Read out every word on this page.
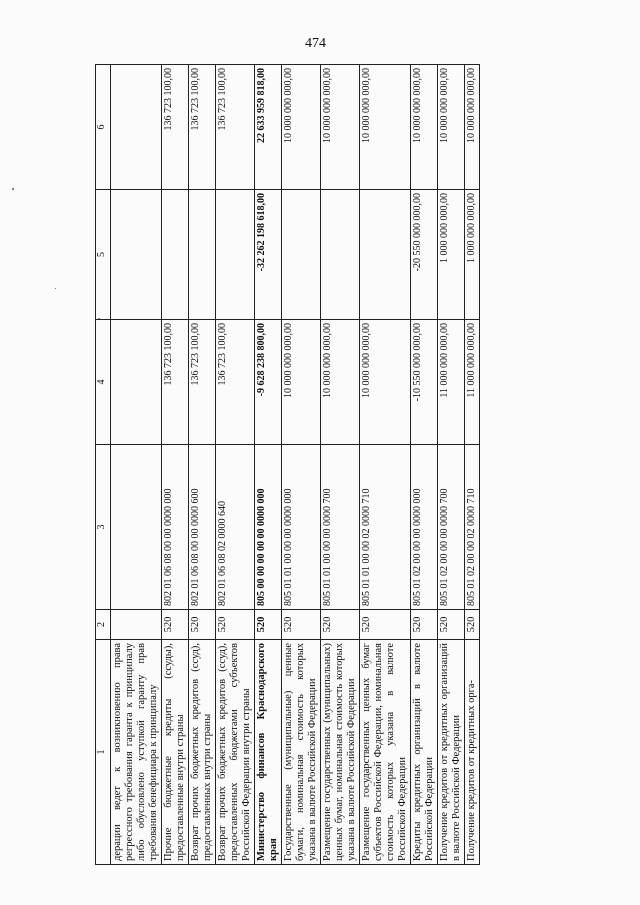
474
1	2	3	4	5	6
дерации ведет к возникновению права регрессного требования гаранта к принципалу либо обусловлено уступкой гаранту прав требования бенефициара к принципалу					
Прочие бюджетные кредиты (ссуды), предоставленные внутри страны	520	802 01 06 08 00 00 0000 000	136 723 100,00		136 723 100,00
Возврат прочих бюджетных кредитов (ссуд), предоставленных внутри страны	520	802 01 06 08 00 00 0000 600	136 723 100,00		136 723 100,00
Возврат прочих бюджетных кредитов (ссуд), предоставленных бюджетами субъектов Российской Федерации внутри страны	520	802 01 06 08 02 0000 640	136 723 100,00		136 723 100,00
Министерство финансов Краснодарского края	520	805 00 00 00 00 00 0000 000	-9 628 238 800,00	-32 262 198 618,00	22 633 959 818,00
Государственные (муниципальные) ценные бумаги, номинальная стоимость которых указана в валюте Российской Федерации	520	805 01 01 00 00 00 0000 000	10 000 000 000,00		10 000 000 000,00
Размещение государственных (муниципальных) ценных бумаг, номинальная стоимость которых указана в валюте Российской Федерации	520	805 01 01 00 00 00 0000 700	10 000 000 000,00		10 000 000 000,00
Размещение государственных ценных бумаг субъектов Российской Федерации, номинальная стоимость которых указана в валюте Российской Федерации	520	805 01 01 00 00 02 0000 710	10 000 000 000,00		10 000 000 000,00
Кредиты кредитных организаций в валюте Российской Федерации	520	805 01 02 00 00 00 0000 000	-10 550 000 000,00	-20 550 000 000,00	10 000 000 000,00
Получение кредитов от кредитных организаций в валюте Российской Федерации	520	805 01 02 00 00 00 0000 700	11 000 000 000,00	1 000 000 000,00	10 000 000 000,00
Получение кредитов от кредитных орга-	520	805 01 02 00 00 02 0000 710	11 000 000 000,00	1 000 000 000,00	10 000 000 000,00
